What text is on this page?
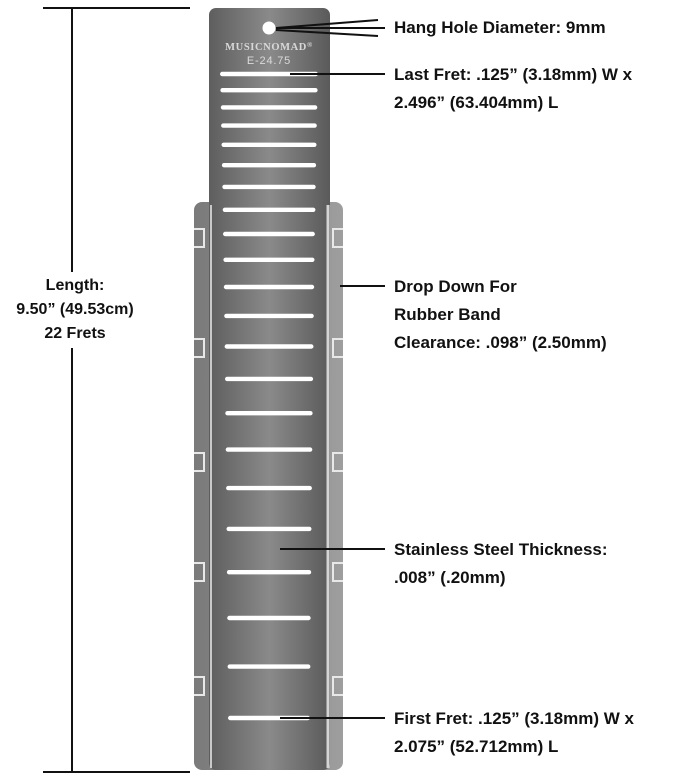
MUSICNOMAD®
E-24.75
Length:
9.50” (49.53cm)
22 Frets
Hang Hole Diameter: 9mm
Last Fret: .125” (3.18mm) W x
2.496” (63.404mm) L
Drop Down For
Rubber Band
Clearance: .098” (2.50mm)
Stainless Steel Thickness:
.008” (.20mm)
First Fret: .125” (3.18mm) W x
2.075” (52.712mm) L
